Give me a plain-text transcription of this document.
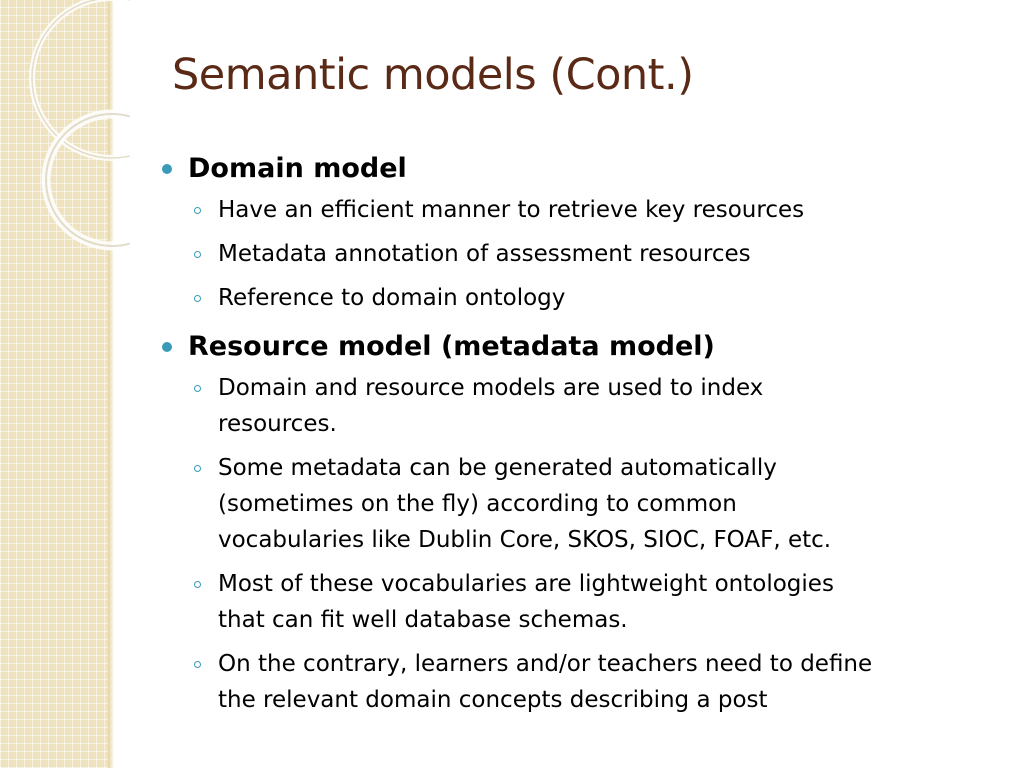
Semantic models (Cont.)
Domain model
Have an efficient manner to retrieve key resources
Metadata annotation of assessment resources
Reference to domain ontology
Resource model (metadata model)
Domain and resource models are used to index
resources.
Some metadata can be generated automatically
(sometimes on the fly) according to common
vocabularies like Dublin Core, SKOS, SIOC, FOAF, etc.
Most of these vocabularies are lightweight ontologies
that can fit well database schemas.
On the contrary, learners and/or teachers need to define
the relevant domain concepts describing a post
